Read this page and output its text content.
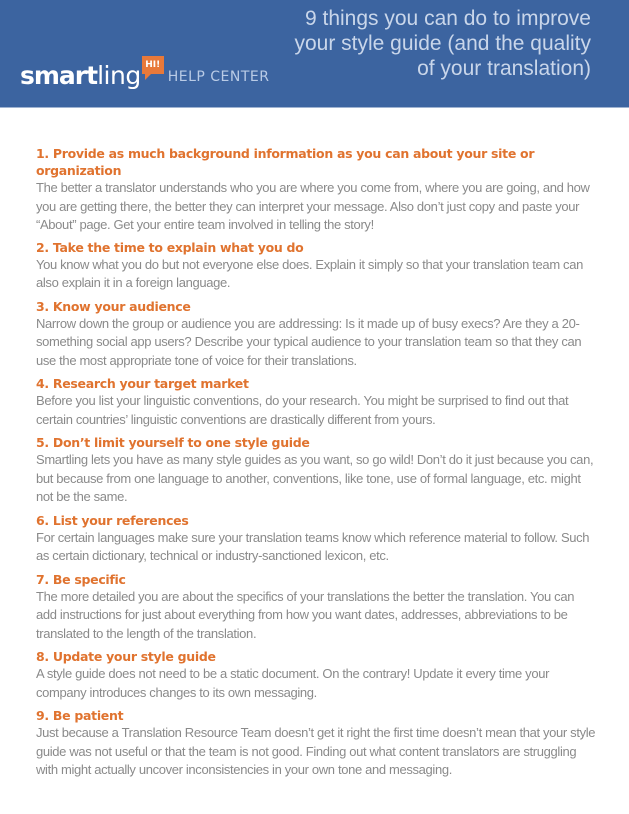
smart ling HI!
HELP CENTER
9 things you can do to improve your style guide (and the quality of your translation)
1. Provide as much background information as you can about your site or organization
The better a translator understands who you are where you come from, where you are going, and how you are getting there, the better they can interpret your message. Also don’t just copy and paste your “About” page. Get your entire team involved in telling the story!
2. Take the time to explain what you do
You know what you do but not everyone else does. Explain it simply so that your translation team can also explain it in a foreign language.
3. Know your audience
Narrow down the group or audience you are addressing: Is it made up of busy execs? Are they a 20-something social app users? Describe your typical audience to your translation team so that they can use the most appropriate tone of voice for their translations.
4. Research your target market
Before you list your linguistic conventions, do your research. You might be surprised to find out that certain countries’ linguistic conventions are drastically different from yours.
5. Don’t limit yourself to one style guide
Smartling lets you have as many style guides as you want, so go wild! Don’t do it just because you can, but because from one language to another, conventions, like tone, use of formal language, etc. might not be the same.
6. List your references
For certain languages make sure your translation teams know which reference material to follow. Such as certain dictionary, technical or industry-sanctioned lexicon, etc.
7. Be specific
The more detailed you are about the specifics of your translations the better the translation. You can add instructions for just about everything from how you want dates, addresses, abbreviations to be translated to the length of the translation.
8. Update your style guide
A style guide does not need to be a static document. On the contrary! Update it every time your company introduces changes to its own messaging.
9. Be patient
Just because a Translation Resource Team doesn’t get it right the first time doesn’t mean that your style guide was not useful or that the team is not good. Finding out what content translators are struggling with might actually uncover inconsistencies in your own tone and messaging.
